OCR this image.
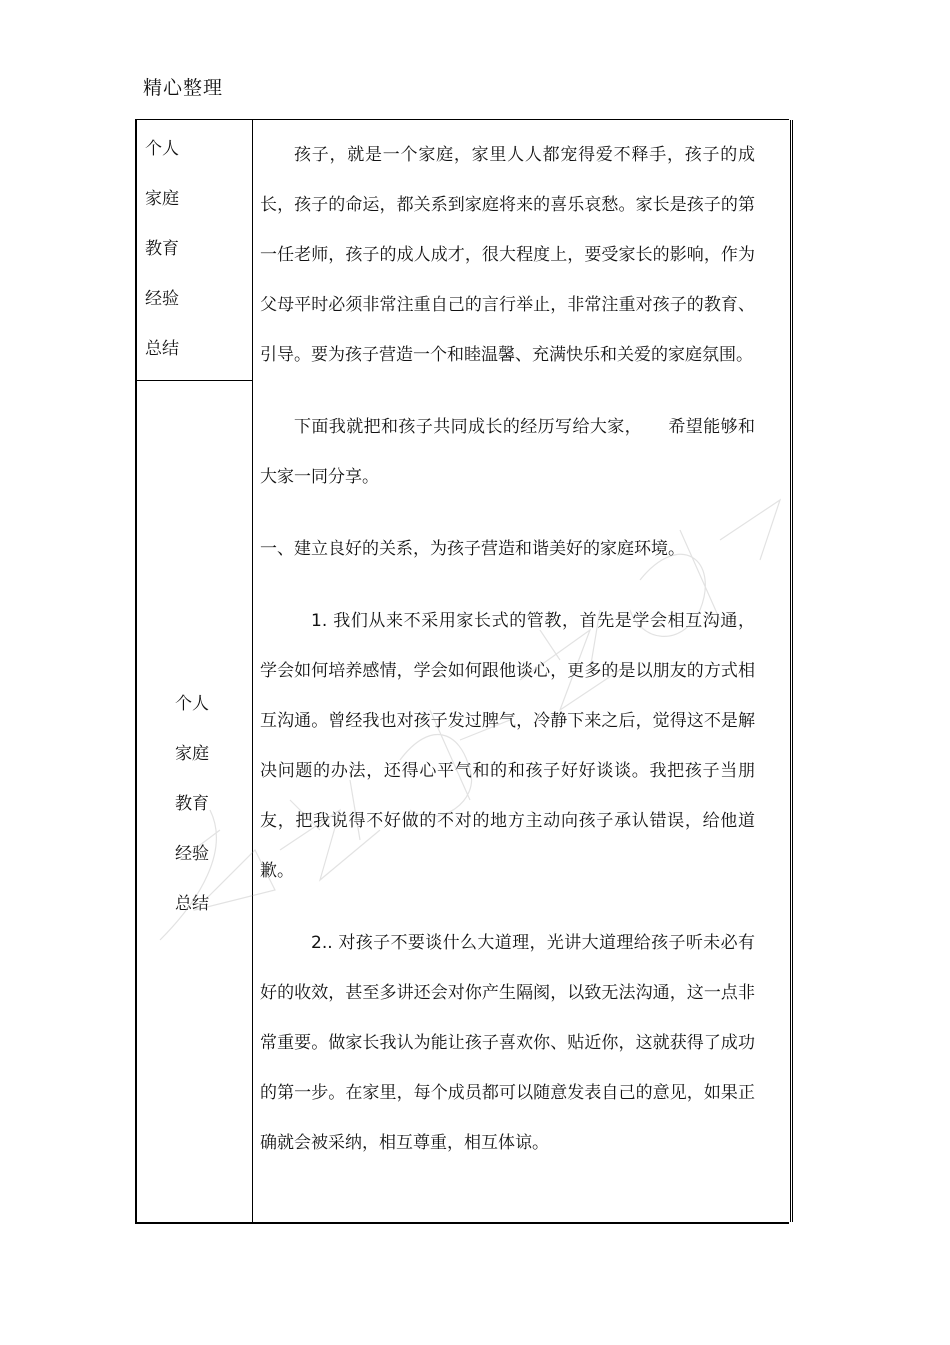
精心整理
个人
家庭
教育
经验
总结
个人
家庭
教育
经验
总结

孩子，就是一个家庭，家里人人都宠得爱不释手，孩子的成长，孩子的命运，都关系到家庭将来的喜乐哀愁。家长是孩子的第一任老师，孩子的成人成才，很大程度上，要受家长的影响，作为父母平时必须非常注重自己的言行举止，非常注重对孩子的教育、引导。要为孩子营造一个和睦温馨、充满快乐和关爱的家庭氛围。

下面我就把和孩子共同成长的经历写给大家，　　希望能够和大家一同分享。

一、建立良好的关系，为孩子营造和谐美好的家庭环境。

1. 我们从来不采用家长式的管教，首先是学会相互沟通，学会如何培养感情，学会如何跟他谈心，更多的是以朋友的方式相互沟通。曾经我也对孩子发过脾气，冷静下来之后，觉得这不是解决问题的办法，还得心平气和的和孩子好好谈谈。我把孩子当朋友，把我说得不好做的不对的地方主动向孩子承认错误，给他道歉。

2.. 对孩子不要谈什么大道理，光讲大道理给孩子听未必有好的收效，甚至多讲还会对你产生隔阂，以致无法沟通，这一点非常重要。做家长我认为能让孩子喜欢你、贴近你，这就获得了成功的第一步。在家里，每个成员都可以随意发表自己的意见，如果正确就会被采纳，相互尊重，相互体谅。
